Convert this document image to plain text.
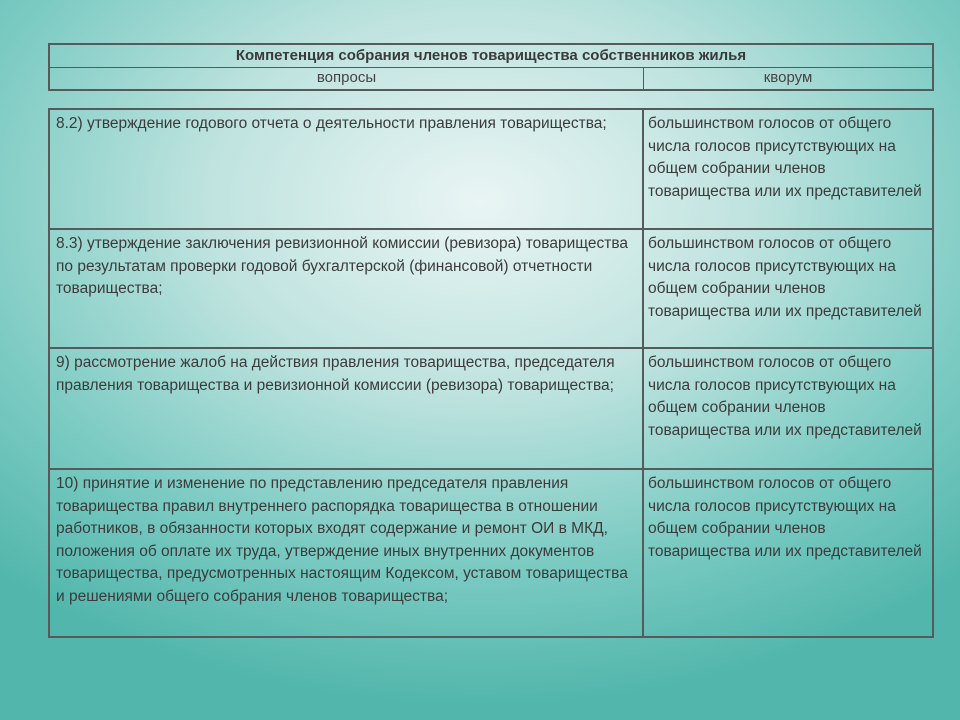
Компетенция собрания членов товарищества собственников жилья
вопросы	кворум
8.2) утверждение годового отчета о деятельности правления товарищества;	большинством голосов от общего числа голосов присутствующих на общем собрании членов товарищества или их представителей
8.3) утверждение заключения ревизионной комиссии (ревизора) товарищества по результатам проверки годовой бухгалтерской (финансовой) отчетности товарищества;
большинством голосов от общего числа голосов присутствующих на общем собрании членов товарищества или их представителей
9) рассмотрение жалоб на действия правления товарищества, председателя правления товарищества и ревизионной комиссии (ревизора) товарищества;
большинством голосов от общего числа голосов присутствующих на общем собрании членов товарищества или их представителей
10) принятие и изменение по представлению председателя правления товарищества правил внутреннего распорядка товарищества в отношении работников, в обязанности которых входят содержание и ремонт ОИ в МКД, положения об оплате их труда, утверждение иных внутренних документов товарищества, предусмотренных настоящим Кодексом, уставом товарищества и решениями общего собрания членов товарищества;
большинством голосов от общего числа голосов присутствующих на общем собрании членов товарищества или их представителей
